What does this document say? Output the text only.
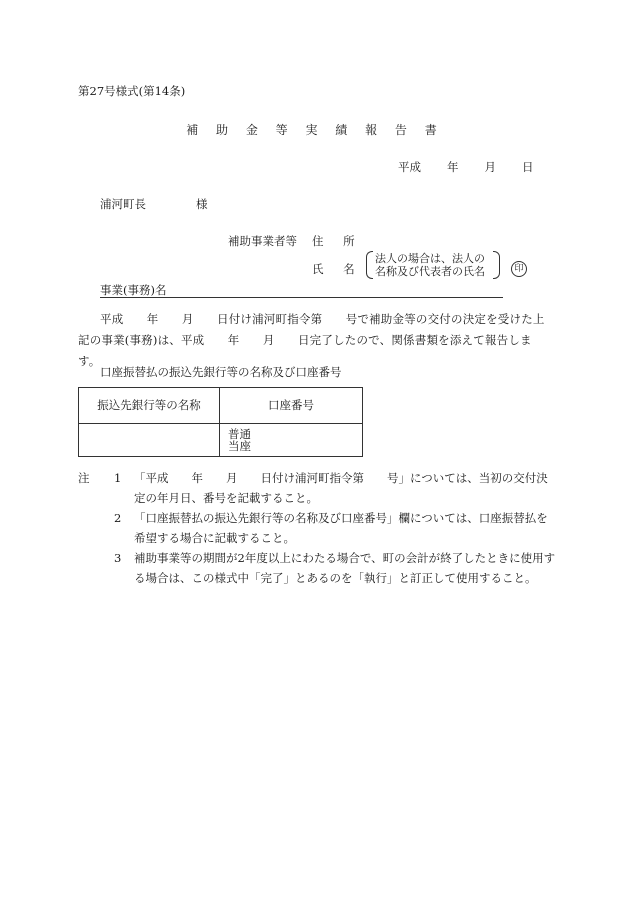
第27号様式(第14条)
補 助 金 等 実 績 報 告 書
平成 年 月 日
浦河町長	様
補助事業者等 住 所
氏 名
法人の場合は、法人の
名称及び代表者の氏名	印
事業(事務)名
平成　　年　　月　　日付け浦河町指令第　　号で補助金等の交付の決定を受けた上記の事業(事務)は、平成　　年　　月　　日完了したので、関係書類を添えて報告します。
口座振替払の振込先銀行等の名称及び口座番号
振込先銀行等の名称	口座番号

	普通
当座
注 1	「平成　　年　　月　　日付け浦河町指令第　　号」については、当初の交付決定の年月日、番号を記載すること。
2	「口座振替払の振込先銀行等の名称及び口座番号」欄については、口座振替払を希望する場合に記載すること。
3	補助事業等の期間が2年度以上にわたる場合で、町の会計が終了したときに使用する場合は、この様式中「完了」とあるのを「執行」と訂正して使用すること。
